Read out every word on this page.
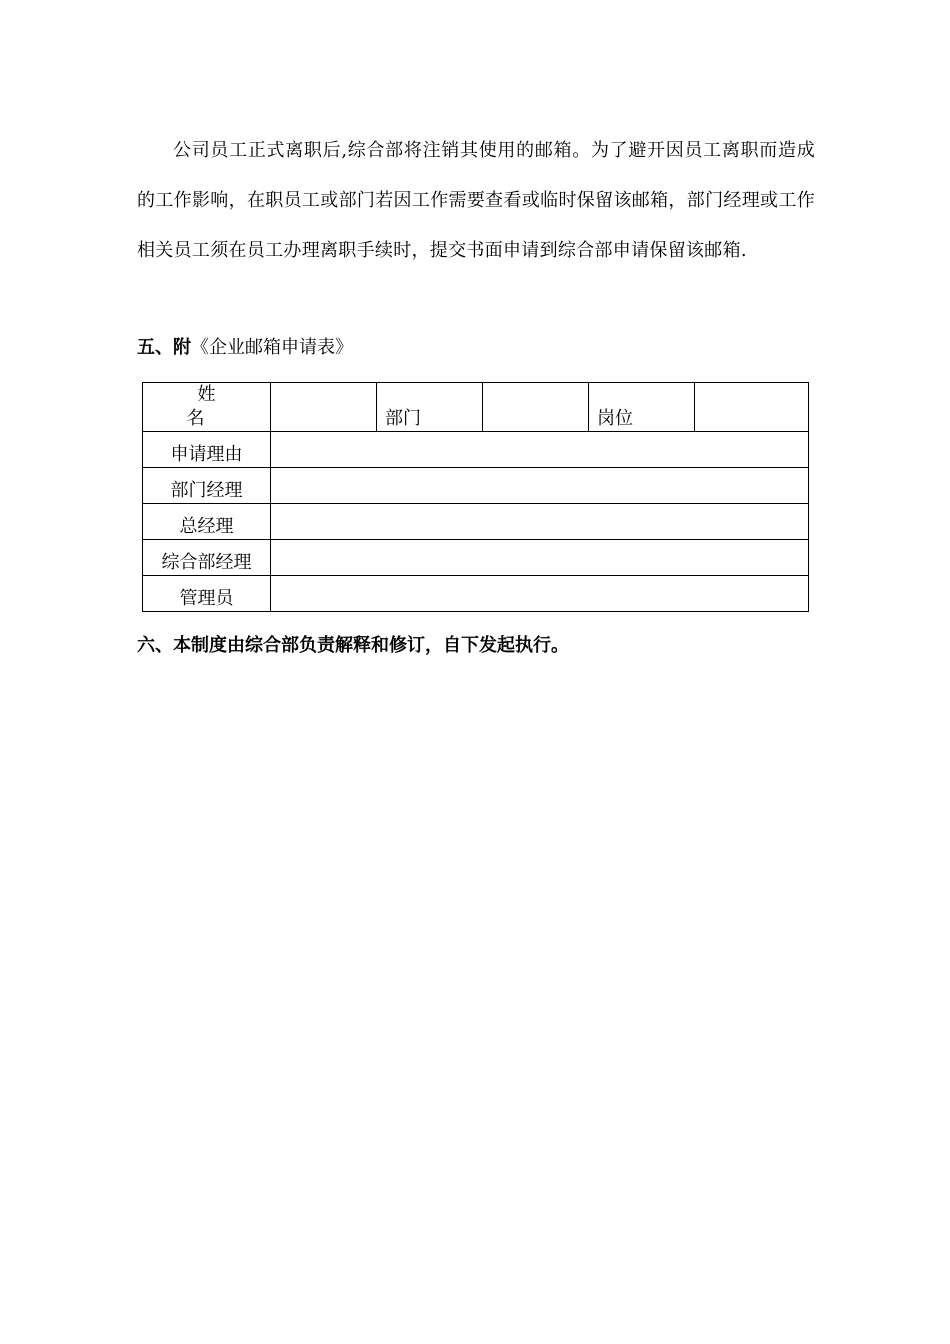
公司员工正式离职后,综合部将注销其使用的邮箱。为了避开因员工离职而造成的工作影响，在职员工或部门若因工作需要查看或临时保留该邮箱，部门经理或工作相关员工须在员工办理离职手续时，提交书面申请到综合部申请保留该邮箱.

五、附《企业邮箱申请表》
姓 名		部门		岗位	
申请理由					
部门经理					
总经理					
综合部经理					
管理员					
六、本制度由综合部负责解释和修订，自下发起执行。
